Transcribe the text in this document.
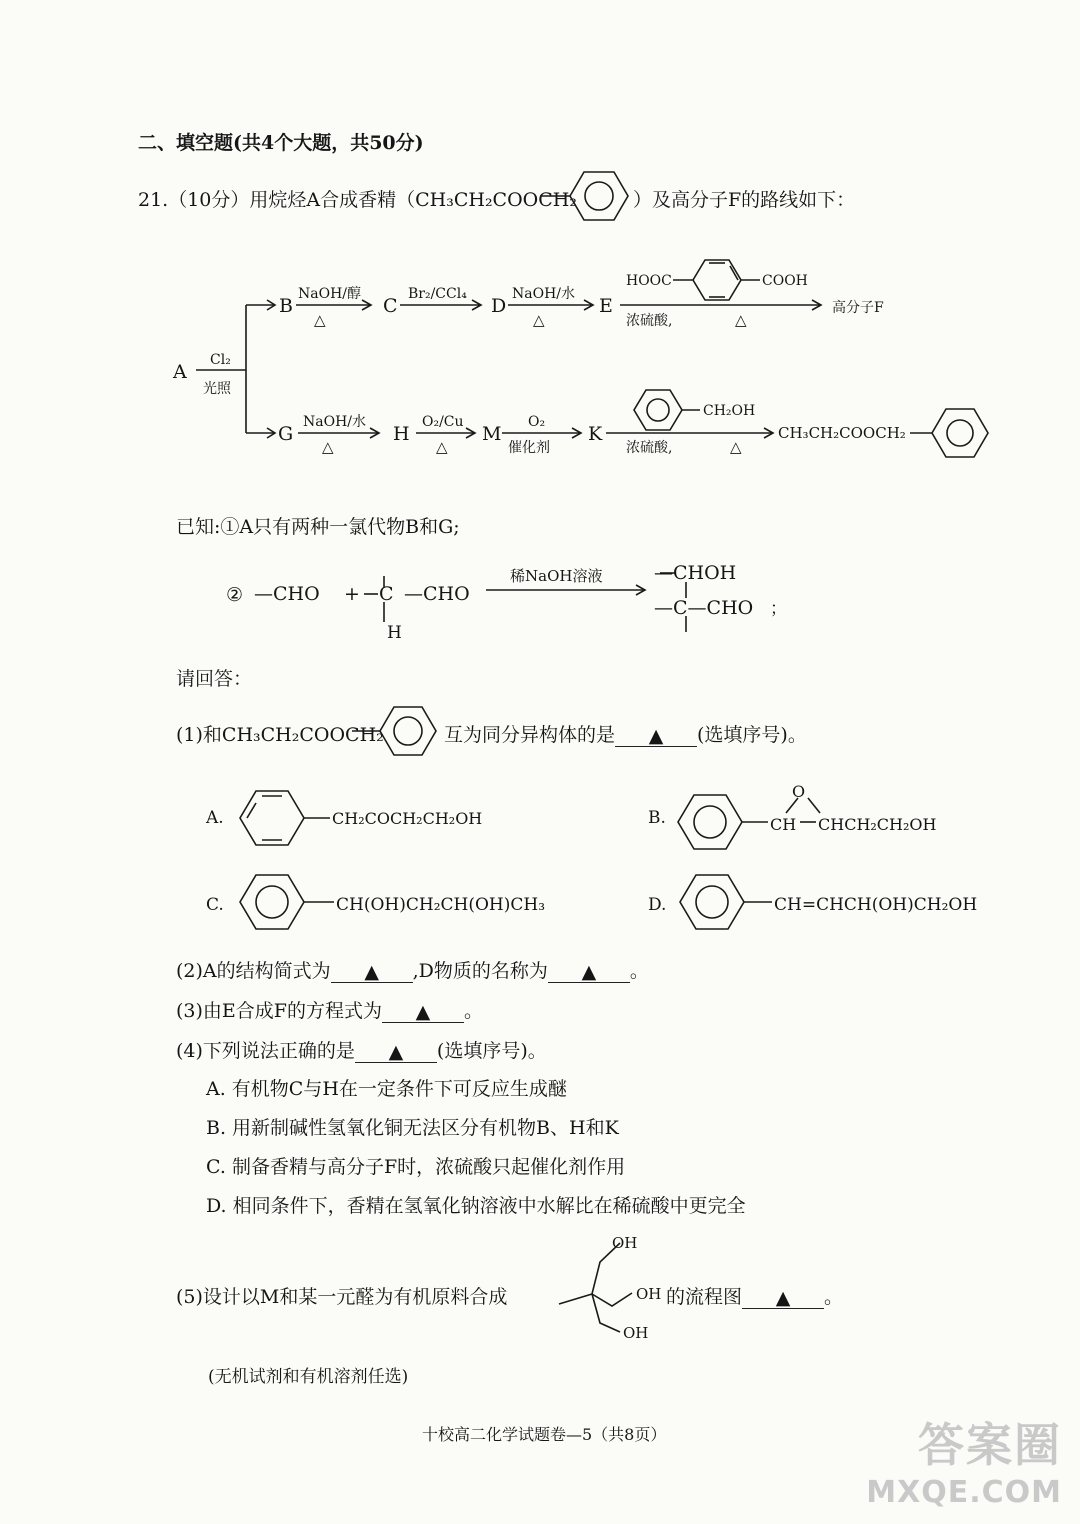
二、填空题(共4个大题，共50分)
21.（10分）用烷烃A合成香精（CH₃CH₂COOCH₂	）及高分子F的路线如下：
A
Cl₂
光照
B
NaOH/醇
△
C
Br₂/CCl₄
D
NaOH/水
△
E
HOOC	COOH
浓硫酸,	△
高分子F
G
NaOH/水
△
H
O₂/Cu
△
M
O₂
催化剂
K
CH₂OH
浓硫酸,	△
CH₃CH₂COOCH₂
② —CHO + C —CHO
H
稀NaOH溶液	—CHOH
—C—CHO ；
A.	CH₂COCH₂CH₂OH	B.
O
CH CHCH₂CH₂OH
C.	CH(OH)CH₂CH(OH)CH₃	D.	CH=CHCH(OH)CH₂OH
OH
OH
OH
已知:①A只有两种一氯代物B和G;
请回答：
(1)和CH₃CH₂COOCH₂	互为同分异构体的是 ▲ (选填序号)。
(2)A的结构简式为 ▲ ,D物质的名称为 ▲ 。
(3)由E合成F的方程式为 ▲ 。
(4)下列说法正确的是 ▲ (选填序号)。
A. 有机物C与H在一定条件下可反应生成醚
B. 用新制碱性氢氧化铜无法区分有机物B、H和K
C. 制备香精与高分子F时，浓硫酸只起催化剂作用
D. 相同条件下，香精在氢氧化钠溶液中水解比在稀硫酸中更完全
(5)设计以M和某一元醛为有机原料合成	的流程图 ▲ 。
(无机试剂和有机溶剂任选)
十校高二化学试题卷—5（共8页）	答案圈
MXQE.COM
